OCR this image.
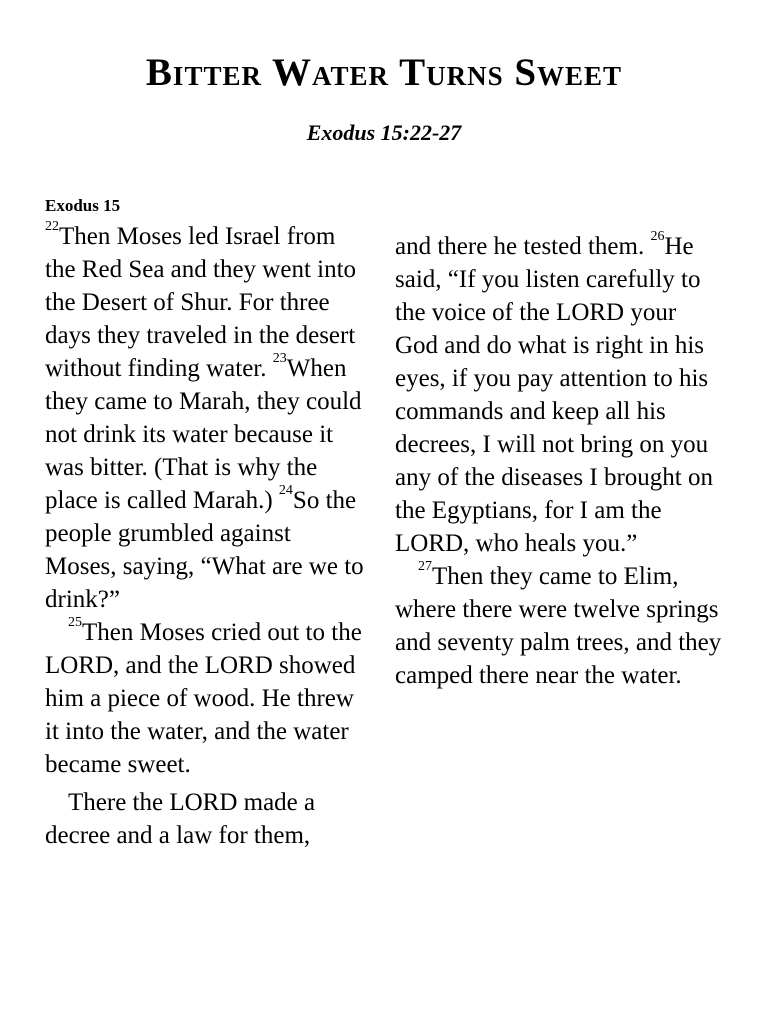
Bitter Water Turns Sweet

Exodus 15:22-27

Exodus 15

$^{22}$Then Moses led Israel from the Red Sea and they went into the Desert of Shur. For three days they traveled in the desert without finding water. $^{23}$When they came to Marah, they could not drink its water because it was bitter. (That is why the place is called Marah.) $^{24}$So the people grumbled against Moses, saying, “What are we to drink?”

$^{25}$Then Moses cried out to the LORD, and the LORD showed him a piece of wood. He threw it into the water, and the water became sweet.

There the LORD made a decree and a law for them,

and there he tested them. $^{26}$He said, “If you listen carefully to the voice of the LORD your God and do what is right in his eyes, if you pay attention to his commands and keep all his decrees, I will not bring on you any of the diseases I brought on the Egyptians, for I am the LORD, who heals you.”

$^{27}$Then they came to Elim, where there were twelve springs and seventy palm trees, and they camped there near the water.
